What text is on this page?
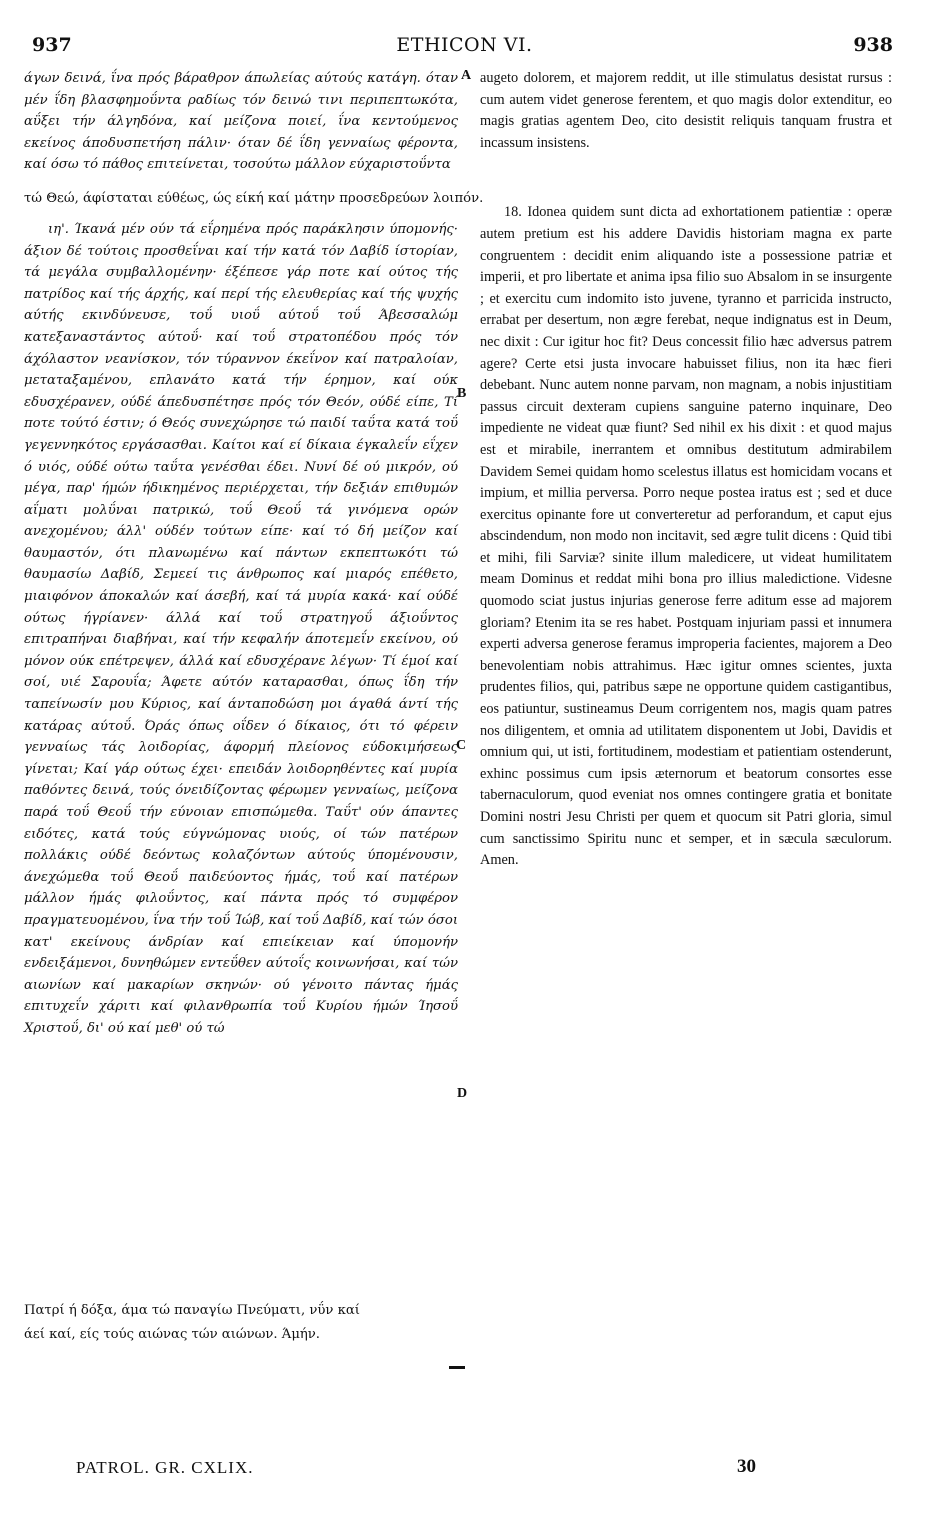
937	ETHICON VI.	938

άγων δεινά, ΐνα πρός βάραθρον άπωλείας αύτούς κατάγη. όταν μέν ΐδη βλασφημοΰντα ραδίως τόν δεινώ τινι περιπεπτωκότα, αΰξει τήν άλγηδόνα, καί μείζονα ποιεί, ΐνα κεντούμενος εκείνος άποδυσπετήση πάλιν· όταν δέ ΐδη γενναίως φέροντα, καί όσω τό πάθος επιτείνεται, τοσούτω μάλλον εύχαριστοΰντα

ιη'. Ίκανά μέν ούν τά εΐρημένα πρός παράκλησιν ύπομονής· άξιον δέ τούτοις προσθεΐναι καί τήν κατά τόν Δαβίδ ίστορίαν, τά μεγάλα συμβαλλομένην· έξέπεσε γάρ ποτε καί ούτος τής πατρίδος καί τής άρχής, καί περί τής ελευθερίας καί τής ψυχής αύτής εκινδύνευσε, τοΰ υιοΰ αύτοΰ τοΰ Άβεσσαλώμ κατεξαναστάντος αύτοΰ· καί τοΰ στρατοπέδου πρός τόν άχόλαστον νεανίσκον, τόν τύραννον έκεΐνον καί πατραλοίαν, μεταταξαμένου, επλανάτο κατά τήν έρημον, καί ούκ εδυσχέρανεν, ούδέ άπεδυσπέτησε πρός τόν Θεόν, ούδέ είπε, Τί ποτε τούτό έστιν; ό Θεός συνεχώρησε τώ παιδί ταΰτα κατά τοΰ γεγεννηκότος εργάσασθαι. Καίτοι καί εί δίκαια έγκαλεΐν εΐχεν ό υιός, ούδέ ούτω ταΰτα γενέσθαι έδει. Νυνί δέ ού μικρόν, ού μέγα, παρ' ήμών ήδικημένος περιέρχεται, τήν δεξιάν επιθυμών αΐματι μολΰναι πατρικώ, τοΰ Θεοΰ τά γινόμενα ορών ανεχομένου; άλλ' ούδέν τούτων είπε· καί τό δή μείζον καί θαυμαστόν, ότι πλανωμένω καί πάντων εκπεπτωκότι τώ θαυμασίω Δαβίδ, Σεμεεί τις άνθρωπος καί μιαρός επέθετο, μιαιφόνον άποκαλών καί άσεβή, καί τά μυρία κακά· καί ούδέ ούτως ήγρίανεν· άλλά καί τοΰ στρατηγοΰ άξιοΰντος επιτραπήναι διαβήναι, καί τήν κεφαλήν άποτεμεΐν εκείνου, ού μόνον ούκ επέτρεψεν, άλλά καί εδυσχέρανε λέγων· Τί έμοί καί σοί, υιέ Σαρουΐα; Άφετε αύτόν καταρασθαι, όπως ΐδη τήν ταπείνωσίν μου Κύριος, καί άνταποδώση μοι άγαθά άντί τής κατάρας αύτοΰ. Όράς όπως οΐδεν ό δίκαιος, ότι τό φέρειν γενναίως τάς λοιδορίας, άφορμή πλείονος εύδοκιμήσεως γίνεται; Καί γάρ ούτως έχει· επειδάν λοιδορηθέντες καί μυρία παθόντες δεινά, τούς όνειδίζοντας φέρωμεν γενναίως, μείζονα παρά τοΰ Θεοΰ τήν εύνοιαν επισπώμεθα. Ταΰτ' ούν άπαντες ειδότες, κατά τούς εύγνώμονας υιούς, οί τών πατέρων πολλάκις ούδέ δεόντως κολαζόντων αύτούς ύπομένουσιν, άνεχώμεθα τοΰ Θεοΰ παιδεύοντος ήμάς, τοΰ καί πατέρων μάλλον ήμάς φιλοΰντος, καί πάντα πρός τό συμφέρον πραγματευομένου, ΐνα τήν τοΰ Ίώβ, καί τοΰ Δαβίδ, καί τών όσοι κατ' εκείνους άνδρίαν καί επιείκειαν καί ύπομονήν ενδειξάμενοι, δυνηθώμεν εντεΰθεν αύτοΐς κοινωνήσαι, καί τών αιωνίων καί μακαρίων σκηνών· ού γένοιτο πάντας ήμάς επιτυχεΐν χάριτι καί φιλανθρωπία τοΰ Κυρίου ήμών Ίησοΰ Χριστοΰ, δι' ού καί μεθ' ού τώ

augeto dolorem, et majorem reddit, ut ille stimulatus desistat rursus : cum autem videt generose ferentem, et quo magis dolor extenditur, eo magis gratias agentem Deo, cito desistit reliquis tanquam frustra et incassum insistens.

18. Idonea quidem sunt dicta ad exhortationem patientiæ : operæ autem pretium est his addere Davidis historiam magna ex parte congruentem : decidit enim aliquando iste a possessione patriæ et imperii, et pro libertate et anima ipsa filio suo Absalom in se insurgente ; et exercitu cum indomito isto juvene, tyranno et parricida instructo, errabat per desertum, non ægre ferebat, neque indignatus est in Deum, nec dixit : Cur igitur hoc fit? Deus concessit filio hæc adversus patrem agere? Certe etsi justa invocare habuisset filius, non ita hæc fieri debebant. Nunc autem nonne parvam, non magnam, a nobis injustitiam passus circuit dexteram cupiens sanguine paterno inquinare, Deo impediente ne videat quæ fiunt? Sed nihil ex his dixit : et quod majus est et mirabile, inerrantem et omnibus destitutum admirabilem Davidem Semei quidam homo scelestus illatus est homicidam vocans et impium, et millia perversa. Porro neque postea iratus est ; sed et duce exercitus opinante fore ut converteretur ad perforandum, et caput ejus abscindendum, non modo non incitavit, sed ægre tulit dicens : Quid tibi et mihi, fili Sarviæ? sinite illum maledicere, ut videat humilitatem meam Dominus et reddat mihi bona pro illius maledictione. Videsne quomodo sciat justus injurias generose ferre aditum esse ad majorem gloriam? Etenim ita se res habet. Postquam injuriam passi et innumera experti adversa generose feramus improperia facientes, majorem a Deo benevolentiam nobis attrahimus. Hæc igitur omnes scientes, juxta prudentes filios, qui, patribus sæpe ne opportune quidem castigantibus, eos patiuntur, sustineamus Deum corrigentem nos, magis quam patres nos diligentem, et omnia ad utilitatem disponentem ut Jobi, Davidis et omnium qui, ut isti, fortitudinem, modestiam et patientiam ostenderunt, exhinc possimus cum ipsis æternorum et beatorum consortes esse tabernaculorum, quod eveniat nos omnes contingere gratia et bonitate Domini nostri Jesu Christi per quem et quocum sit Patri gloria, simul cum sanctissimo Spiritu nunc et semper, et in sæcula sæculorum. Amen.

τώ Θεώ, άφίσταται εύθέως, ώς είκή καί μάτην προσεδρεύων λοιπόν.
Πατρί ή δόξα, άμα τώ παναγίω Πνεύματι, νΰν καί
άεί καί, είς τούς αιώνας τών αιώνων. Άμήν.
A
B
C
D
PATROL. GR. CXLIX.	30
